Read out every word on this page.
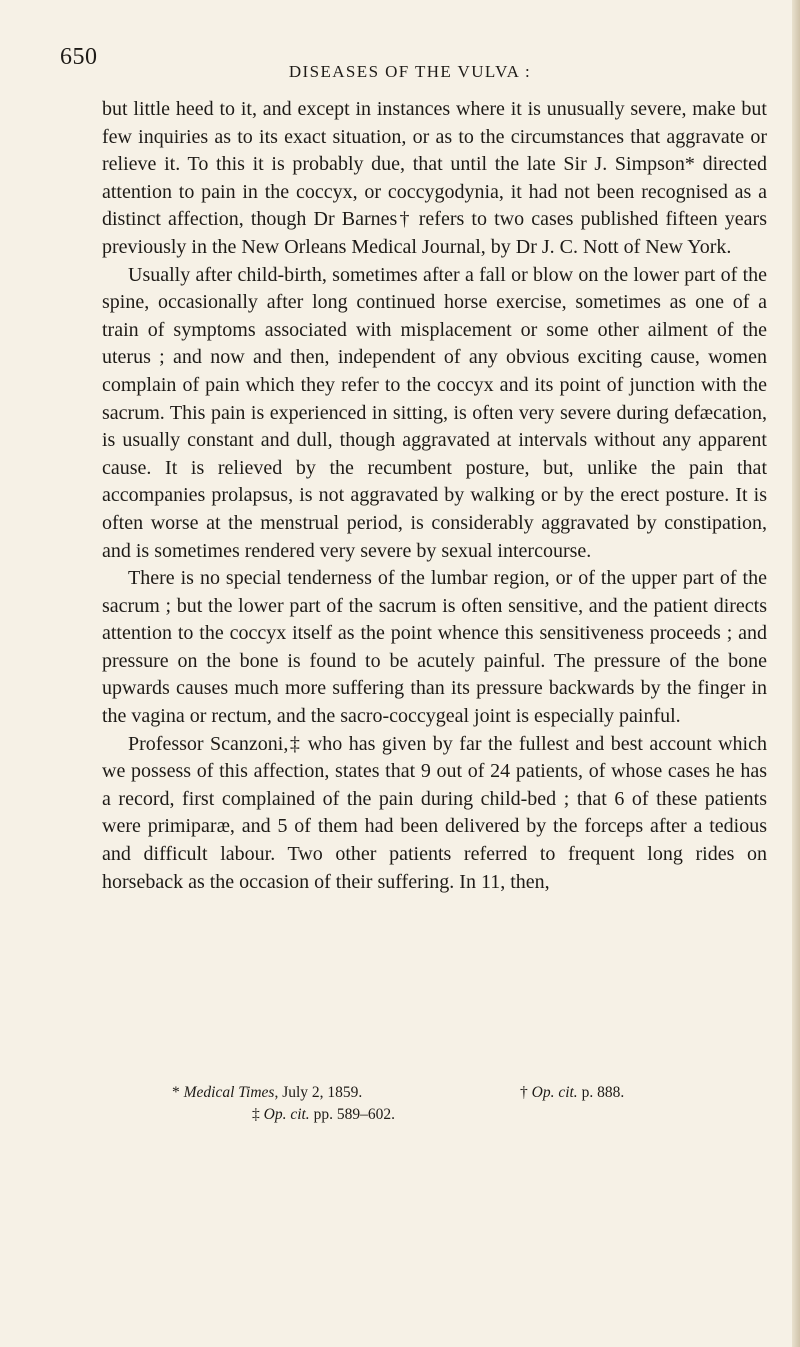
650
DISEASES OF THE VULVA :

but little heed to it, and except in instances where it is unusually severe, make but few inquiries as to its exact situation, or as to the circumstances that aggravate or relieve it. To this it is probably due, that until the late Sir J. Simpson* directed attention to pain in the coccyx, or coccygodynia, it had not been recognised as a distinct affection, though Dr Barnes† refers to two cases published fifteen years previously in the New Orleans Medical Journal, by Dr J. C. Nott of New York.

Usually after child-birth, sometimes after a fall or blow on the lower part of the spine, occasionally after long continued horse exercise, sometimes as one of a train of symptoms associated with misplacement or some other ailment of the uterus ; and now and then, independent of any obvious exciting cause, women complain of pain which they refer to the coccyx and its point of junction with the sacrum. This pain is experienced in sitting, is often very severe during defæcation, is usually constant and dull, though aggravated at intervals without any apparent cause. It is relieved by the recumbent posture, but, unlike the pain that accompanies prolapsus, is not aggravated by walking or by the erect posture. It is often worse at the menstrual period, is considerably aggravated by constipation, and is sometimes rendered very severe by sexual intercourse.

There is no special tenderness of the lumbar region, or of the upper part of the sacrum ; but the lower part of the sacrum is often sensitive, and the patient directs attention to the coccyx itself as the point whence this sensitiveness proceeds ; and pressure on the bone is found to be acutely painful. The pressure of the bone upwards causes much more suffering than its pressure backwards by the finger in the vagina or rectum, and the sacro-coccygeal joint is especially painful.

Professor Scanzoni,‡ who has given by far the fullest and best account which we possess of this affection, states that 9 out of 24 patients, of whose cases he has a record, first complained of the pain during child-bed ; that 6 of these patients were primiparæ, and 5 of them had been delivered by the forceps after a tedious and difficult labour. Two other patients referred to frequent long rides on horseback as the occasion of their suffering. In 11, then,

* Medical Times, July 2, 1859.	† Op. cit. p. 888.
‡ Op. cit. pp. 589–602.
